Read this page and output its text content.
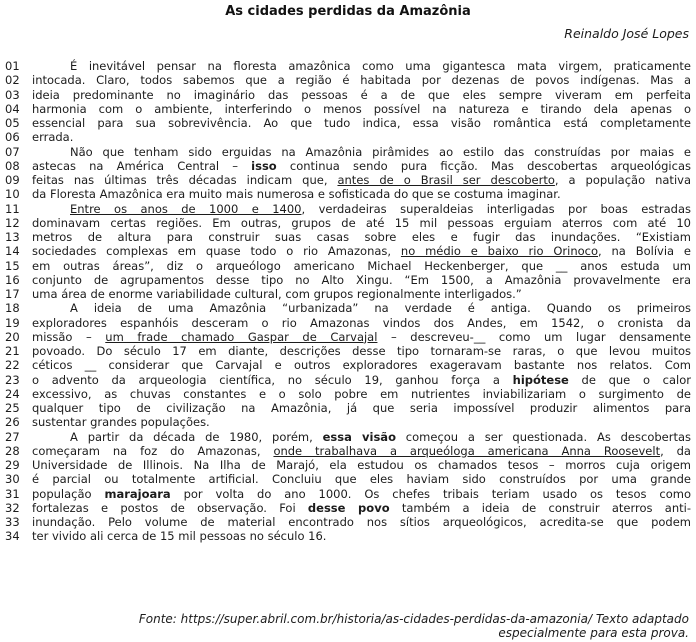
As cidades perdidas da Amazônia
Reinaldo José Lopes
01	É inevitável pensar na floresta amazônica como uma gigantesca mata virgem, praticamente
02	intocada. Claro, todos sabemos que a região é habitada por dezenas de povos indígenas. Mas a
03	ideia predominante no imaginário das pessoas é a de que eles sempre viveram em perfeita
04	harmonia com o ambiente, interferindo o menos possível na natureza e tirando dela apenas o
05	essencial para sua sobrevivência. Ao que tudo indica, essa visão romântica está completamente
06	errada.
07	Não que tenham sido erguidas na Amazônia pirâmides ao estilo das construídas por maias e
08	astecas na América Central – isso continua sendo pura ficção. Mas descobertas arqueológicas
09	feitas nas últimas três décadas indicam que, antes de o Brasil ser descoberto, a população nativa
10	da Floresta Amazônica era muito mais numerosa e sofisticada do que se costuma imaginar.
11	Entre os anos de 1000 e 1400, verdadeiras superaldeias interligadas por boas estradas
12	dominavam certas regiões. Em outras, grupos de até 15 mil pessoas erguiam aterros com até 10
13	metros de altura para construir suas casas sobre eles e fugir das inundações. “Existiam
14	sociedades complexas em quase todo o rio Amazonas, no médio e baixo rio Orinoco, na Bolívia e
15	em outras áreas”, diz o arqueólogo americano Michael Heckenberger, que __ anos estuda um
16	conjunto de agrupamentos desse tipo no Alto Xingu. “Em 1500, a Amazônia provavelmente era
17	uma área de enorme variabilidade cultural, com grupos regionalmente interligados.”
18	A ideia de uma Amazônia “urbanizada” na verdade é antiga. Quando os primeiros
19	exploradores espanhóis desceram o rio Amazonas vindos dos Andes, em 1542, o cronista da
20	missão – um frade chamado Gaspar de Carvajal – descreveu-__ como um lugar densamente
21	povoado. Do século 17 em diante, descrições desse tipo tornaram-se raras, o que levou muitos
22	céticos __ considerar que Carvajal e outros exploradores exageravam bastante nos relatos. Com
23	o advento da arqueologia científica, no século 19, ganhou força a hipótese de que o calor
24	excessivo, as chuvas constantes e o solo pobre em nutrientes inviabilizariam o surgimento de
25	qualquer tipo de civilização na Amazônia, já que seria impossível produzir alimentos para
26	sustentar grandes populações.
27	A partir da década de 1980, porém, essa visão começou a ser questionada. As descobertas
28	começaram na foz do Amazonas, onde trabalhava a arqueóloga americana Anna Roosevelt, da
29	Universidade de Illinois. Na Ilha de Marajó, ela estudou os chamados tesos – morros cuja origem
30	é parcial ou totalmente artificial. Concluiu que eles haviam sido construídos por uma grande
31	população marajoara por volta do ano 1000. Os chefes tribais teriam usado os tesos como
32	fortalezas e postos de observação. Foi desse povo também a ideia de construir aterros anti-
33	inundação. Pelo volume de material encontrado nos sítios arqueológicos, acredita-se que podem
34	ter vivido ali cerca de 15 mil pessoas no século 16.
Fonte: https://super.abril.com.br/historia/as-cidades-perdidas-da-amazonia/ Texto adaptado
especialmente para esta prova.
